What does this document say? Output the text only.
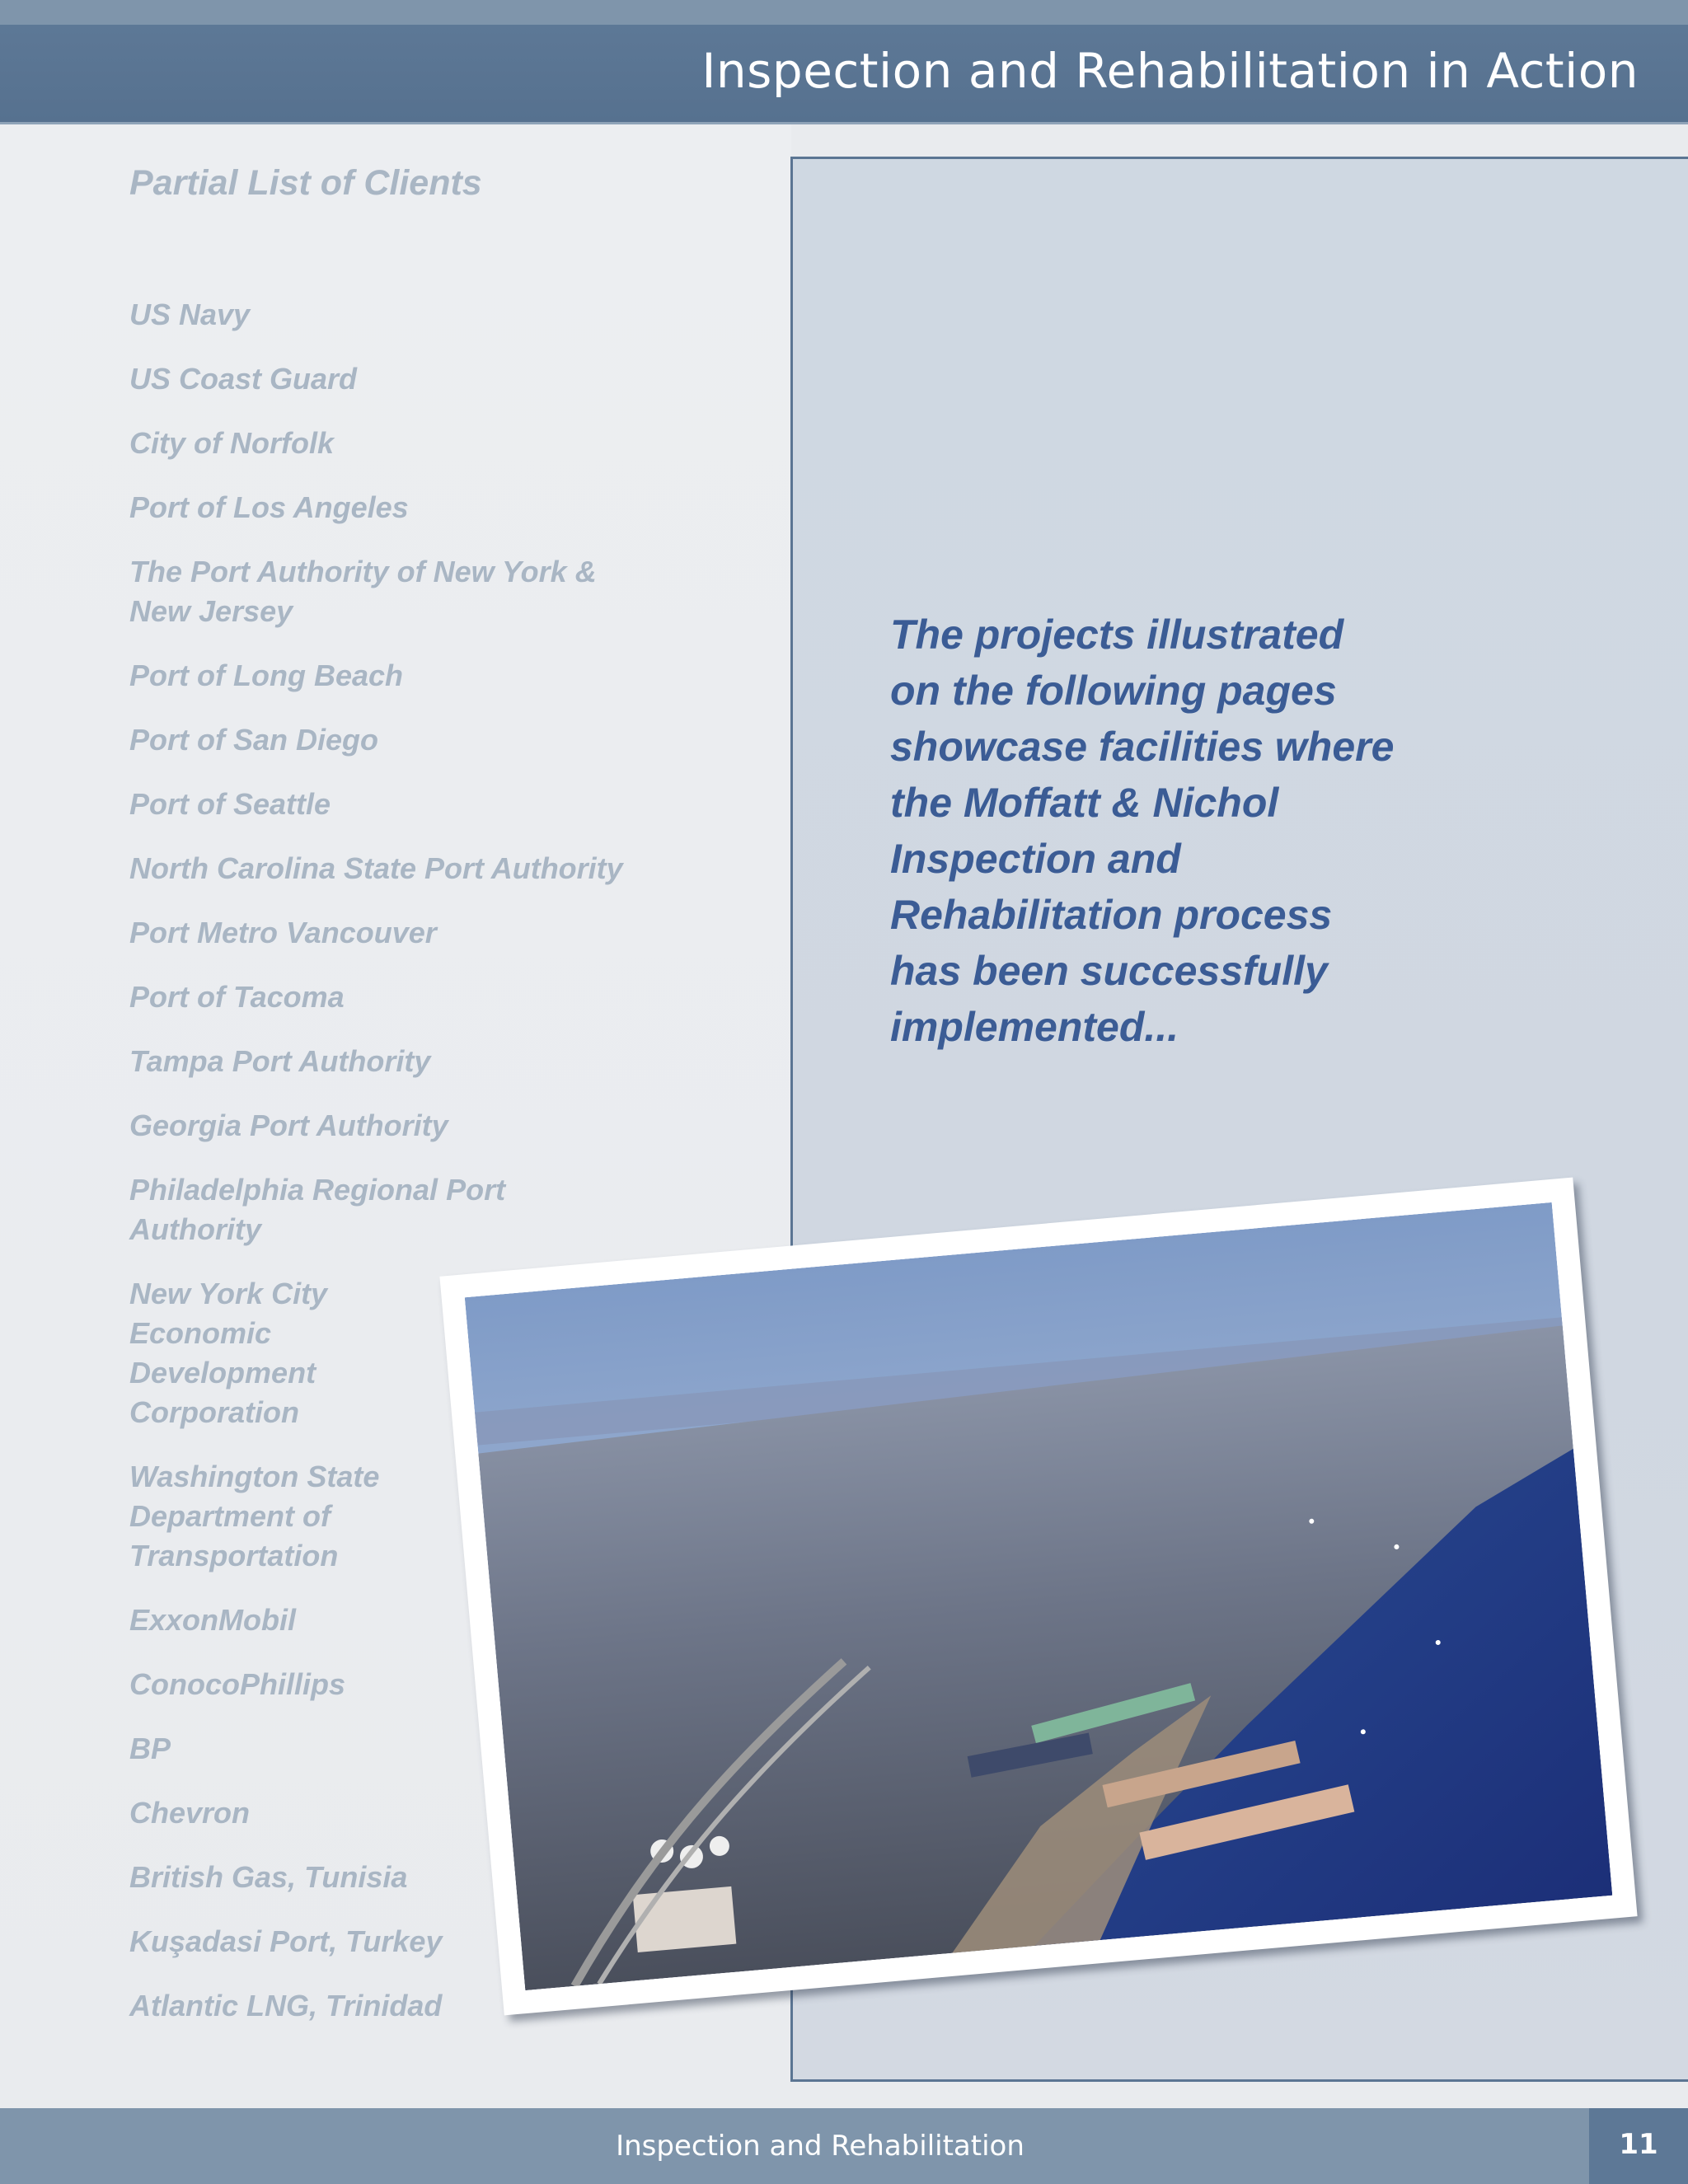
Inspection and Rehabilitation in Action
Partial List of Clients
US Navy
US Coast Guard
City of Norfolk
Port of Los Angeles
The Port Authority of New York & New Jersey
Port of Long Beach
Port of San Diego
Port of Seattle
North Carolina State Port Authority
Port Metro Vancouver
Port of Tacoma
Tampa Port Authority
Georgia Port Authority
Philadelphia Regional Port Authority
New York City Economic Development Corporation
Washington State Department of Transportation
ExxonMobil
ConocoPhillips
BP
Chevron
British Gas, Tunisia
Kuşadasi Port, Turkey
Atlantic LNG, Trinidad
The projects illustrated on the following pages showcase facilities where the Moffatt & Nichol Inspection and Rehabilitation process has been successfully implemented...
Inspection and Rehabilitation	11
